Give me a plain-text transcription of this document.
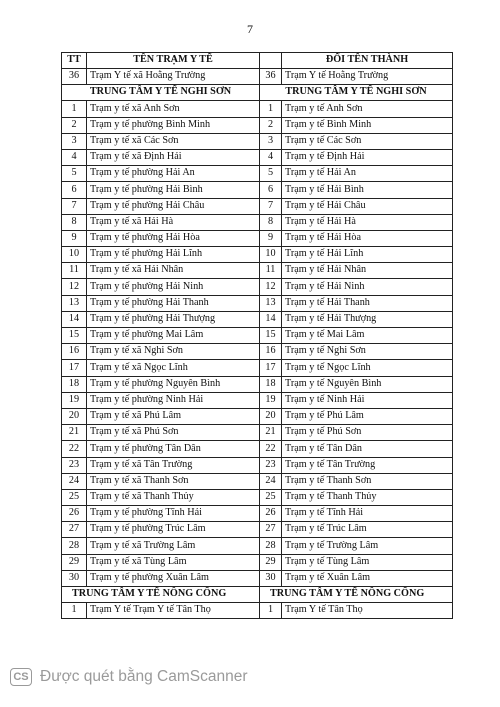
7
TT	TÊN TRẠM Y TẾ		ĐỔI TÊN THÀNH
36	Trạm Y tế xã Hoằng Trường	36	Trạm Y tế Hoằng Trường
TRUNG TÂM Y TẾ NGHI SƠN		TRUNG TÂM Y TẾ NGHI SƠN	
1	Trạm y tế xã Anh Sơn	1	Trạm y tế Anh Sơn
2	Trạm y tế phường Bình Minh	2	Trạm y tế Bình Minh
3	Trạm y tế xã Các Sơn	3	Trạm y tế Các Sơn
4	Trạm y tế xã Định Hải	4	Trạm y tế Định Hải
5	Trạm y tế phường Hải An	5	Trạm y tế Hải An
6	Trạm y tế phường Hải Bình	6	Trạm y tế Hải Bình
7	Trạm y tế phường Hải Châu	7	Trạm y tế Hải Châu
8	Trạm y tế xã Hải Hà	8	Trạm y tế Hải Hà
9	Trạm y tế phường Hải Hòa	9	Trạm y tế Hải Hòa
10	Trạm y tế phường Hải Lĩnh	10	Trạm y tế Hải Lĩnh
11	Trạm y tế xã Hải Nhân	11	Trạm y tế Hải Nhân
12	Trạm y tế phường Hải Ninh	12	Trạm y tế Hải Ninh
13	Trạm y tế phường Hải Thanh	13	Trạm y tế Hải Thanh
14	Trạm y tế phường Hải Thượng	14	Trạm y tế Hải Thượng
15	Trạm y tế phường Mai Lâm	15	Trạm y tế Mai Lâm
16	Trạm y tế xã Nghi Sơn	16	Trạm y tế Nghi Sơn
17	Trạm y tế xã Ngọc Lĩnh	17	Trạm y tế Ngọc Lĩnh
18	Trạm y tế phường Nguyên Bình	18	Trạm y tế Nguyên Bình
19	Trạm y tế phường Ninh Hải	19	Trạm y tế Ninh Hải
20	Trạm y tế xã Phú Lâm	20	Trạm y tế Phú Lâm
21	Trạm y tế xã Phú Sơn	21	Trạm y tế Phú Sơn
22	Trạm y tế phường Tân Dân	22	Trạm y tế Tân Dân
23	Trạm y tế xã Tân Trường	23	Trạm y tế Tân Trường
24	Trạm y tế xã Thanh Sơn	24	Trạm y tế Thanh Sơn
25	Trạm y tế xã Thanh Thủy	25	Trạm y tế Thanh Thủy
26	Trạm y tế phường Tĩnh Hải	26	Trạm y tế Tĩnh Hải
27	Trạm y tế phường Trúc Lâm	27	Trạm y tế Trúc Lâm
28	Trạm y tế xã Trường Lâm	28	Trạm y tế Trường Lâm
29	Trạm y tế xã Tùng Lâm	29	Trạm y tế Tùng Lâm
30	Trạm y tế phường Xuân Lâm	30	Trạm y tế Xuân Lâm
TRUNG TÂM Y TẾ NÔNG CỐNG		TRUNG TÂM Y TẾ NÔNG CỐNG	
1	Trạm Y tế Trạm Y tế Tân Thọ	1	Trạm Y tế Tân Thọ
CS Được quét bằng CamScanner
